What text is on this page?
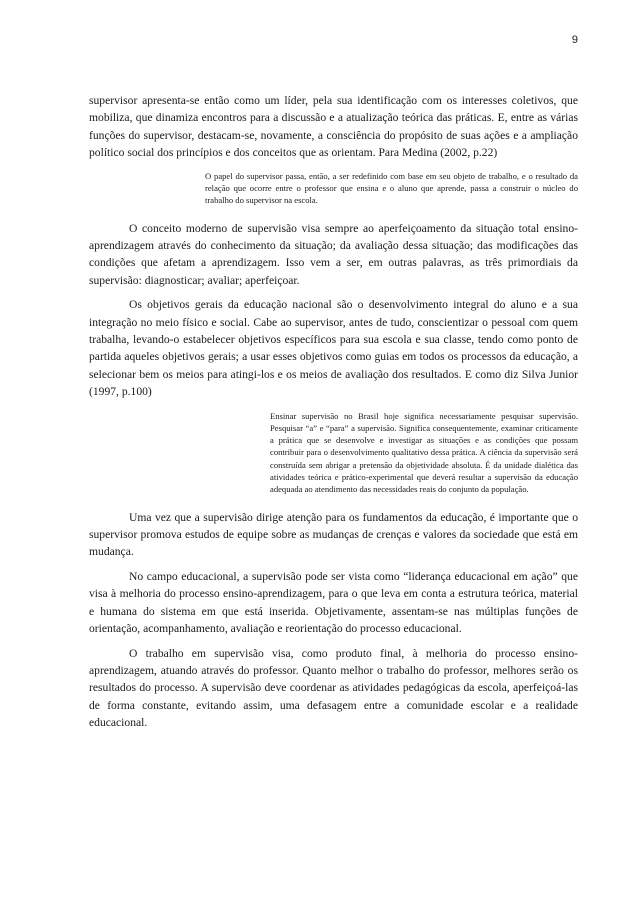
9

supervisor apresenta-se então como um líder, pela sua identificação com os interesses coletivos, que mobiliza, que dinamiza encontros para a discussão e a atualização teórica das práticas. E, entre as várias funções do supervisor, destacam-se, novamente, a consciência do propósito de suas ações e a ampliação político social dos princípios e dos conceitos que as orientam. Para Medina (2002, p.22)

O papel do supervisor passa, então, a ser redefinido com base em seu objeto de trabalho, e o resultado da relação que ocorre entre o professor que ensina e o aluno que aprende, passa a construir o núcleo do trabalho do supervisor na escola.

O conceito moderno de supervisão visa sempre ao aperfeiçoamento da situação total ensino-aprendizagem através do conhecimento da situação; da avaliação dessa situação; das modificações das condições que afetam a aprendizagem. Isso vem a ser, em outras palavras, as três primordiais da supervisão: diagnosticar; avaliar; aperfeiçoar.

Os objetivos gerais da educação nacional são o desenvolvimento integral do aluno e a sua integração no meio físico e social. Cabe ao supervisor, antes de tudo, conscientizar o pessoal com quem trabalha, levando-o estabelecer objetivos específicos para sua escola e sua classe, tendo como ponto de partida aqueles objetivos gerais; a usar esses objetivos como guias em todos os processos da educação, a selecionar bem os meios para atingi-los e os meios de avaliação dos resultados. E como diz Silva Junior (1997, p.100)

Ensinar supervisão no Brasil hoje significa necessariamente pesquisar supervisão. Pesquisar “a” e “para” a supervisão. Significa consequentemente, examinar criticamente a prática que se desenvolve e investigar as situações e as condições que possam contribuir para o desenvolvimento qualitativo dessa prática. A ciência da supervisão será construída sem abrigar a pretensão da objetividade absoluta. É da unidade dialética das atividades teórica e prático-experimental que deverá resultar a supervisão da educação adequada ao atendimento das necessidades reais do conjunto da população.

Uma vez que a supervisão dirige atenção para os fundamentos da educação, é importante que o supervisor promova estudos de equipe sobre as mudanças de crenças e valores da sociedade que está em mudança.

No campo educacional, a supervisão pode ser vista como “liderança educacional em ação” que visa à melhoria do processo ensino-aprendizagem, para o que leva em conta a estrutura teórica, material e humana do sistema em que está inserida. Objetivamente, assentam-se nas múltiplas funções de orientação, acompanhamento, avaliação e reorientação do processo educacional.

O trabalho em supervisão visa, como produto final, à melhoria do processo ensino-aprendizagem, atuando através do professor. Quanto melhor o trabalho do professor, melhores serão os resultados do processo. A supervisão deve coordenar as atividades pedagógicas da escola, aperfeiçoá-las de forma constante, evitando assim, uma defasagem entre a comunidade escolar e a realidade educacional.
